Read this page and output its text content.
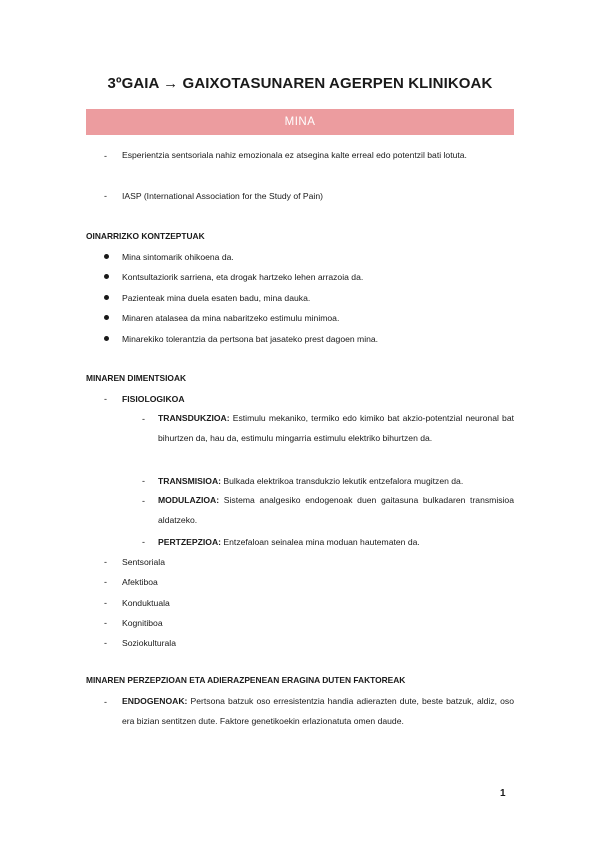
3ºGAIA → GAIXOTASUNAREN AGERPEN KLINIKOAK
MINA
- Esperientzia sentsoriala nahiz emozionala ez atsegina kalte erreal edo potentzil bati lotuta.
- IASP (International Association for the Study of Pain)
OINARRIZKO KONTZEPTUAK
Mina sintomarik ohikoena da.
Kontsultaziorik sarriena, eta drogak hartzeko lehen arrazoia da.
Pazienteak mina duela esaten badu, mina dauka.
Minaren atalasea da mina nabaritzeko estimulu minimoa.
Minarekiko tolerantzia da pertsona bat jasateko prest dagoen mina.
MINAREN DIMENTSIOAK
- FISIOLOGIKOA
- TRANSDUKZIOA: Estimulu mekaniko, termiko edo kimiko bat akzio-potentzial neuronal bat bihurtzen da, hau da, estimulu mingarria estimulu elektriko bihurtzen da.
- TRANSMISIOA: Bulkada elektrikoa transdukzio lekutik entzefalora mugitzen da.
- MODULAZIOA: Sistema analgesiko endogenoak duen gaitasuna bulkadaren transmisioa aldatzeko.
- PERTZEPZIOA: Entzefaloan seinalea mina moduan hautematen da.
- Sentsoriala
- Afektiboa
- Konduktuala
- Kognitiboa
- Soziokulturala
MINAREN PERZEPZIOAN ETA ADIERAZPENEAN ERAGINA DUTEN FAKTOREAK
- ENDOGENOAK: Pertsona batzuk oso erresistentzia handia adierazten dute, beste batzuk, aldiz, oso era bizian sentitzen dute. Faktore genetikoekin erlazionatuta omen daude.
1
